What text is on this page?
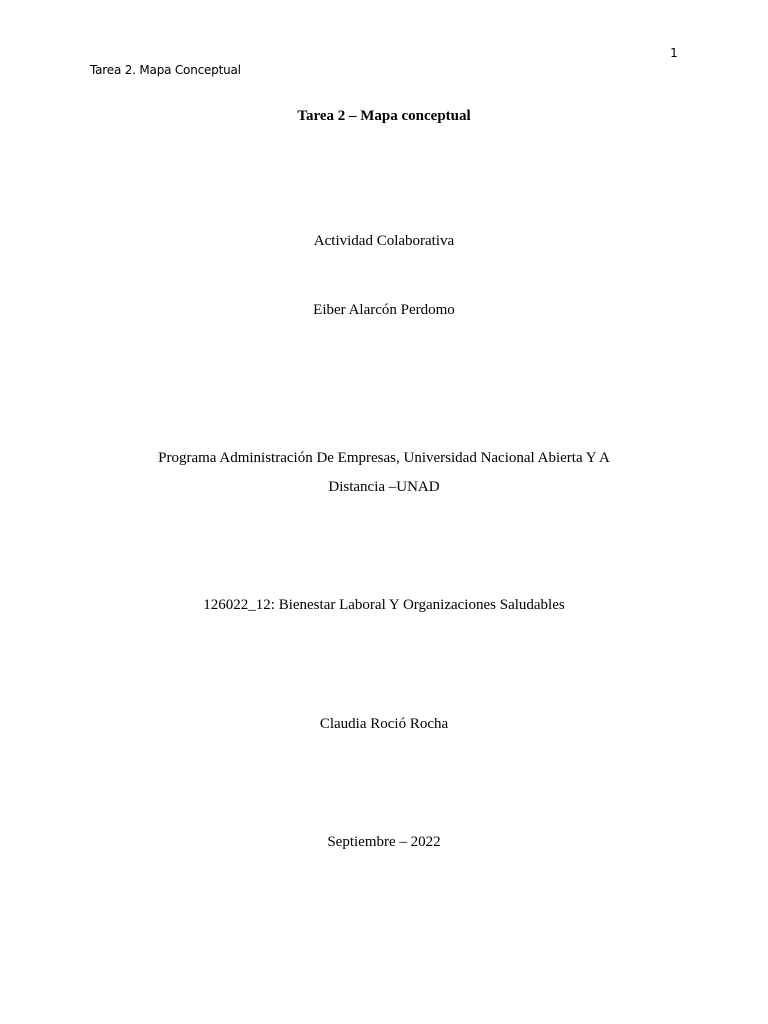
1
Tarea 2. Mapa Conceptual
Tarea 2 – Mapa conceptual
Actividad Colaborativa
Eiber Alarcón Perdomo
Programa Administración De Empresas, Universidad Nacional Abierta Y A
Distancia –UNAD
126022_12: Bienestar Laboral Y Organizaciones Saludables
Claudia Roció Rocha
Septiembre – 2022
